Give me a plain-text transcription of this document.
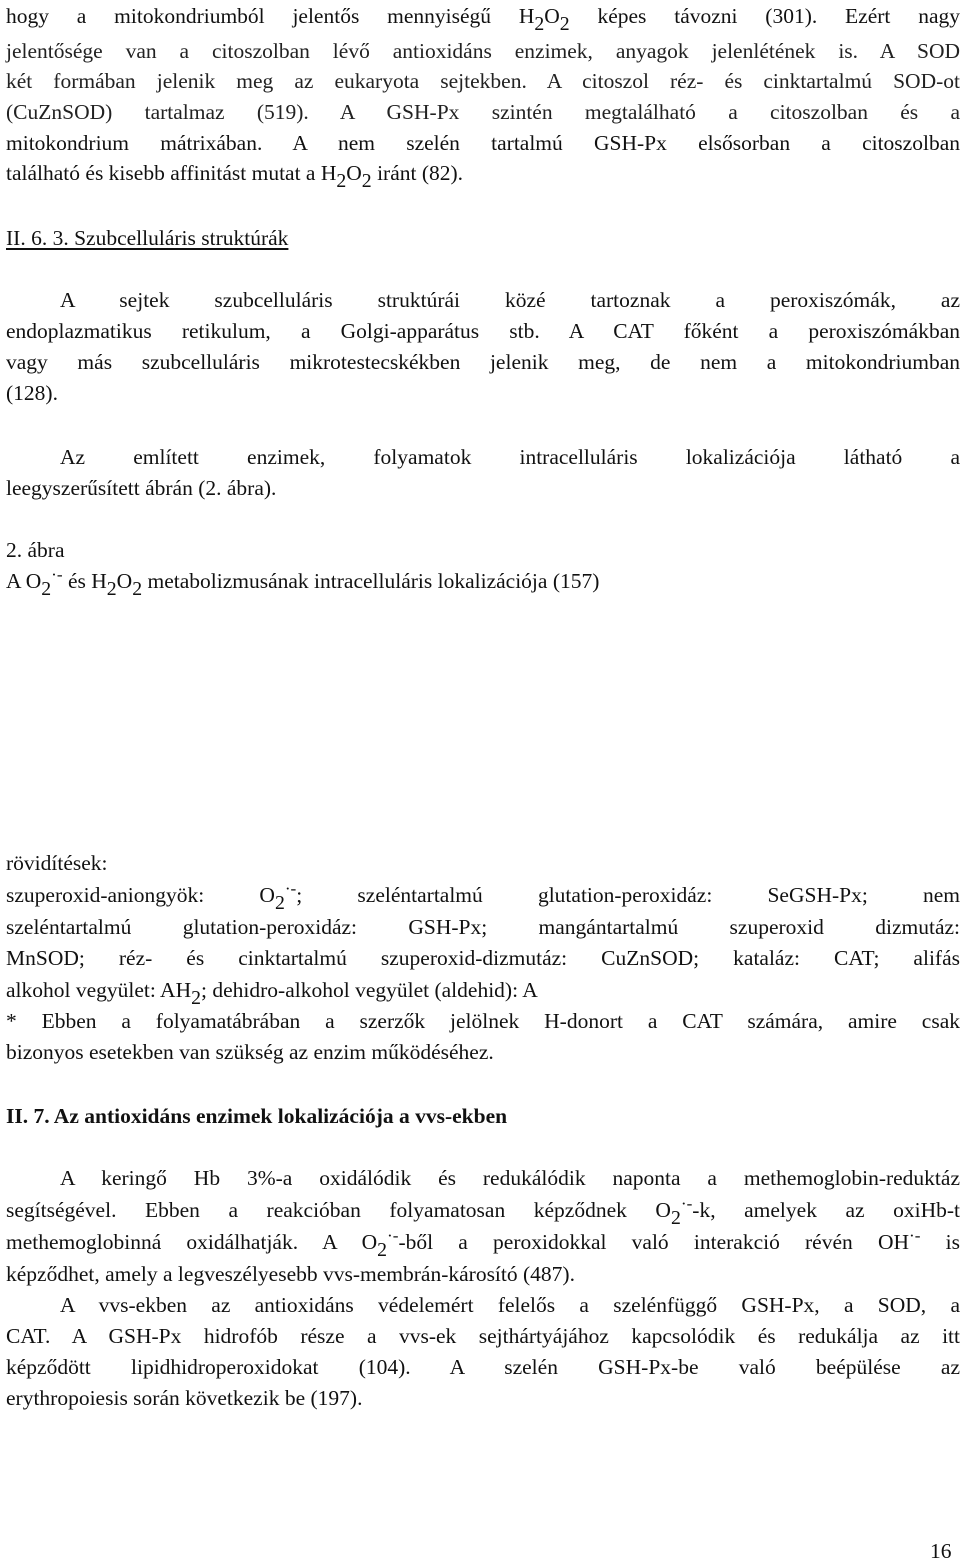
hogy a mitokondriumból jelentős mennyiségű H2O2 képes távozni (301). Ezért nagy
jelentősége van a citoszolban lévő antioxidáns enzimek, anyagok jelenlétének is. A SOD
két formában jelenik meg az eukaryota sejtekben. A citoszol réz- és cinktartalmú SOD-ot
(CuZnSOD) tartalmaz (519). A GSH-Px szintén megtalálható a citoszolban és a
mitokondrium mátrixában. A nem szelén tartalmú GSH-Px elsősorban a citoszolban
található és kisebb affinitást mutat a H2O2 iránt (82).
II. 6. 3. Szubcelluláris struktúrák
A sejtek szubcelluláris struktúrái közé tartoznak a peroxiszómák, az
endoplazmatikus retikulum, a Golgi-apparátus stb. A CAT főként a peroxiszómákban
vagy más szubcelluláris mikrotestecskékben jelenik meg, de nem a mitokondriumban
(128).
Az említett enzimek, folyamatok intracelluláris lokalizációja látható a
leegyszerűsített ábrán (2. ábra).
2. ábra
A O2·- és H2O2 metabolizmusának intracelluláris lokalizációja (157)
rövidítések:
szuperoxid-aniongyök: O2·-; szeléntartalmú glutation-peroxidáz: SeGSH-Px; nem
szeléntartalmú glutation-peroxidáz: GSH-Px; mangántartalmú szuperoxid dizmutáz:
MnSOD; réz- és cinktartalmú szuperoxid-dizmutáz: CuZnSOD; kataláz: CAT; alifás
alkohol vegyület: AH2; dehidro-alkohol vegyület (aldehid): A
* Ebben a folyamatábrában a szerzők jelölnek H-donort a CAT számára, amire csak
bizonyos esetekben van szükség az enzim működéséhez.
II. 7. Az antioxidáns enzimek lokalizációja a vvs-ekben
A keringő Hb 3%-a oxidálódik és redukálódik naponta a methemoglobin-reduktáz
segítségével. Ebben a reakcióban folyamatosan képződnek O2·--k, amelyek az oxiHb-t
methemoglobinná oxidálhatják. A O2·--ből a peroxidokkal való interakció révén OH·- is
képződhet, amely a legveszélyesebb vvs-membrán-károsító (487).
A vvs-ekben az antioxidáns védelemért felelős a szelénfüggő GSH-Px, a SOD, a
CAT. A GSH-Px hidrofób része a vvs-ek sejthártyájához kapcsolódik és redukálja az itt
képződött lipidhidroperoxidokat (104). A szelén GSH-Px-be való beépülése az
erythropoiesis során következik be (197).
16
